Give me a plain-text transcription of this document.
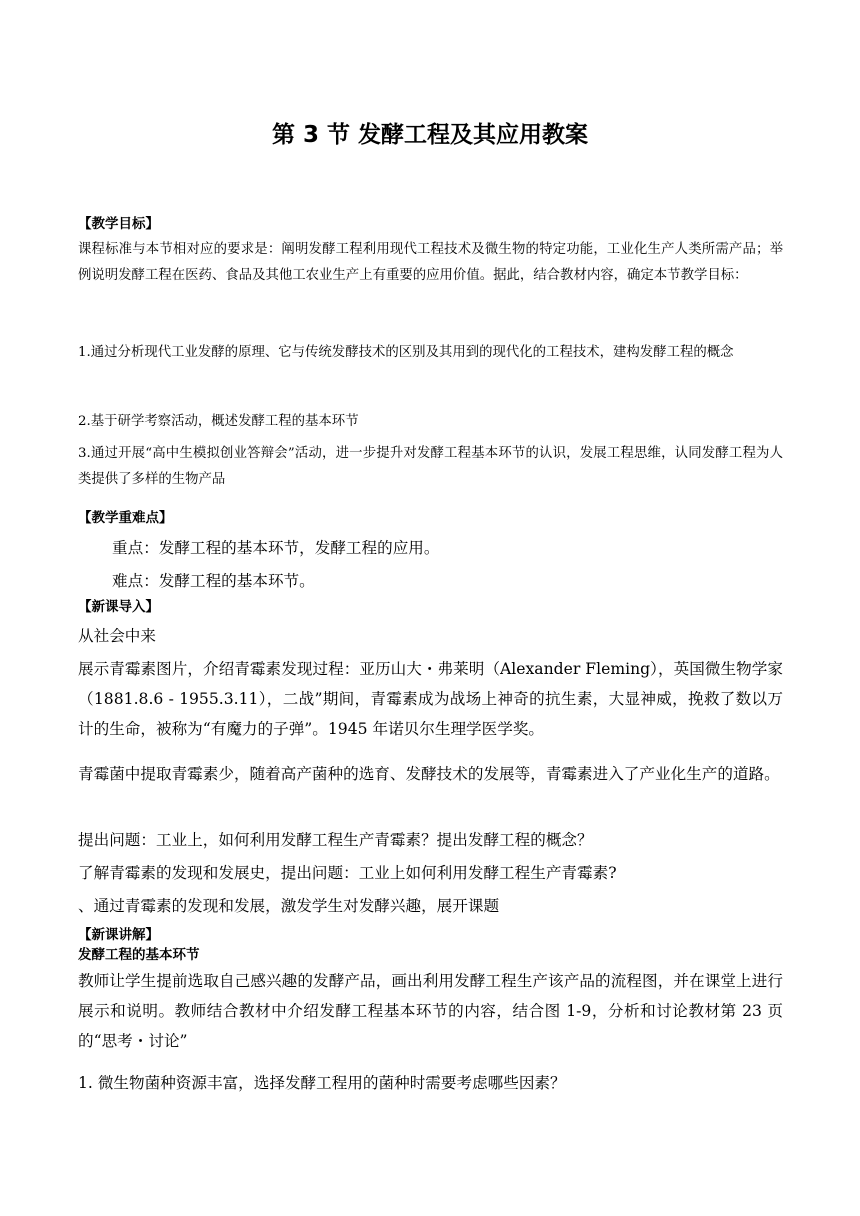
第 3 节 发酵工程及其应用教案
【教学目标】
课程标准与本节相对应的要求是：阐明发酵工程利用现代工程技术及微生物的特定功能，工业化生产人类所需产品；举例说明发酵工程在医药、食品及其他工农业生产上有重要的应用价值。据此，结合教材内容，确定本节教学目标：
1.通过分析现代工业发酵的原理、它与传统发酵技术的区别及其用到的现代化的工程技术，建构发酵工程的概念
2.基于研学考察活动，概述发酵工程的基本环节
3.通过开展“高中生模拟创业答辩会”活动，进一步提升对发酵工程基本环节的认识，发展工程思维，认同发酵工程为人类提供了多样的生物产品
【教学重难点】
重点：发酵工程的基本环节，发酵工程的应用。
难点：发酵工程的基本环节。
【新课导入】
从社会中来
展示青霉素图片，介绍青霉素发现过程：亚历山大・弗莱明（Alexander Fleming），英国微生物学家（1881.8.6 - 1955.3.11），二战”期间，青霉素成为战场上神奇的抗生素，大显神威，挽救了数以万计的生命，被称为“有魔力的子弹”。1945 年诺贝尔生理学医学奖。
青霉菌中提取青霉素少，随着高产菌种的选育、发酵技术的发展等，青霉素进入了产业化生产的道路。
提出问题：工业上，如何利用发酵工程生产青霉素？提出发酵工程的概念？
了解青霉素的发现和发展史，提出问题：工业上如何利用发酵工程生产青霉素?
、通过青霉素的发现和发展，激发学生对发酵兴趣，展开课题
【新课讲解】
发酵工程的基本环节
教师让学生提前选取自己感兴趣的发酵产品，画出利用发酵工程生产该产品的流程图，并在课堂上进行展示和说明。教师结合教材中介绍发酵工程基本环节的内容，结合图 1-9，分析和讨论教材第 23 页的“思考・讨论”
1. 微生物菌种资源丰富，选择发酵工程用的菌种时需要考虑哪些因素？
